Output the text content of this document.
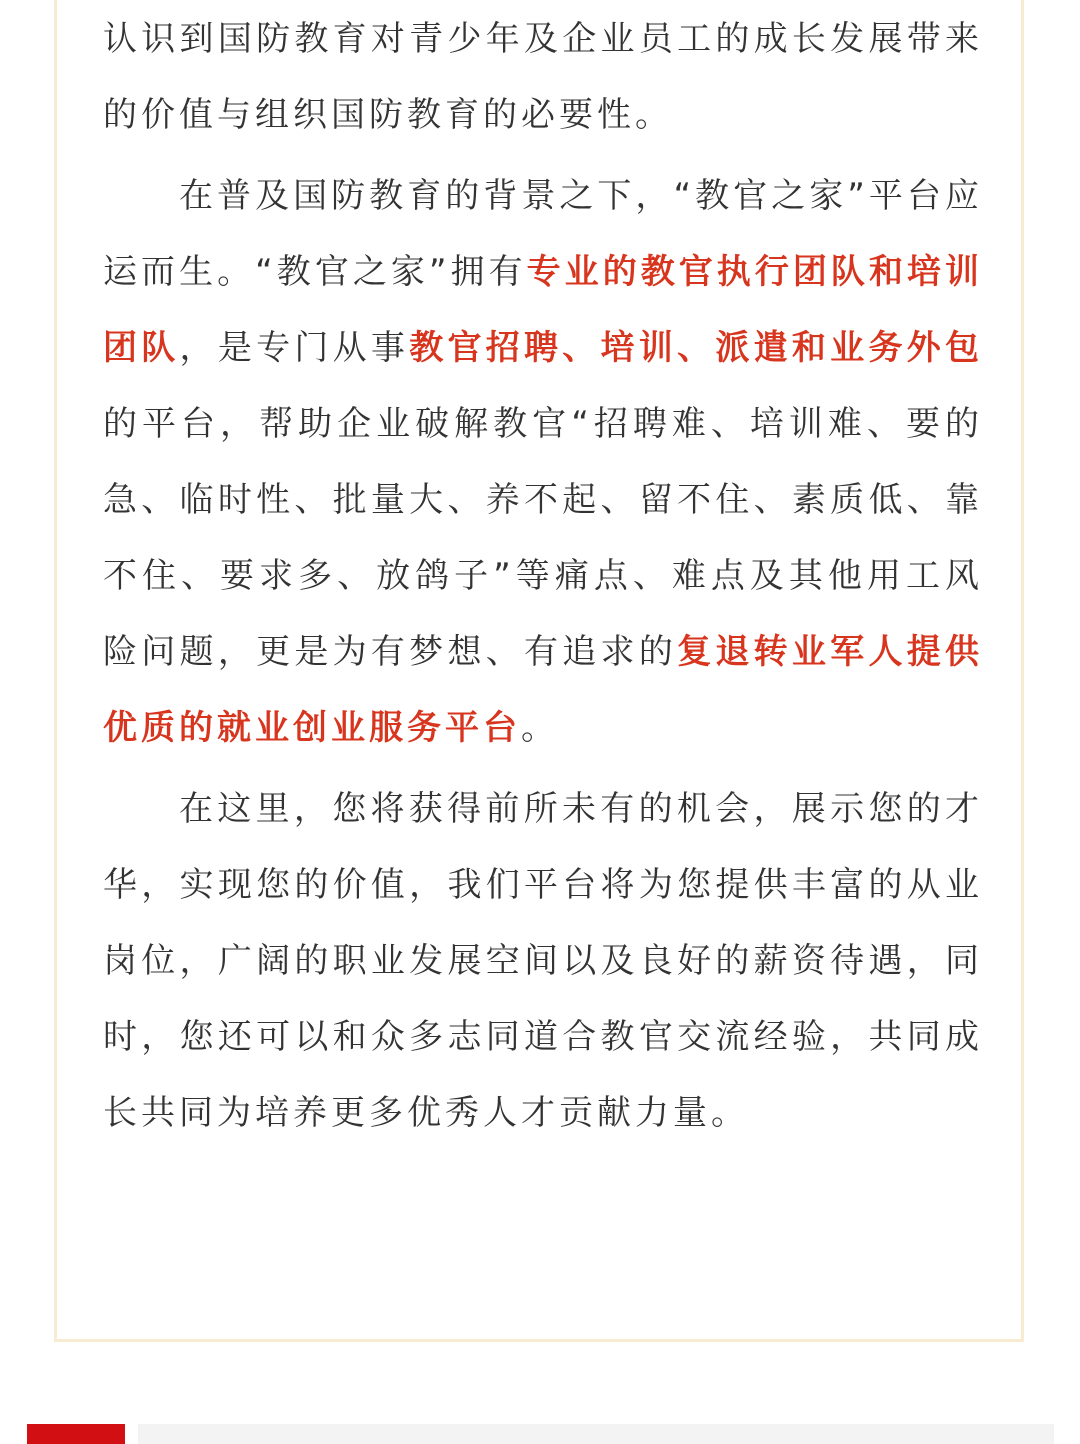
认识到国防教育对青少年及企业员工的成长发展带来的价值与组织国防教育的必要性。

在普及国防教育的背景之下，“教官之家”平台应运而生。“教官之家”拥有专业的教官执行团队和培训团队，是专门从事教官招聘、培训、派遣和业务外包的平台，帮助企业破解教官“招聘难、培训难、要的急、临时性、批量大、养不起、留不住、素质低、靠不住、要求多、放鸽子”等痛点、难点及其他用工风险问题，更是为有梦想、有追求的复退转业军人提供优质的就业创业服务平台。

在这里，您将获得前所未有的机会，展示您的才华，实现您的价值，我们平台将为您提供丰富的从业岗位，广阔的职业发展空间以及良好的薪资待遇，同时，您还可以和众多志同道合教官交流经验，共同成长共同为培养更多优秀人才贡献力量。
